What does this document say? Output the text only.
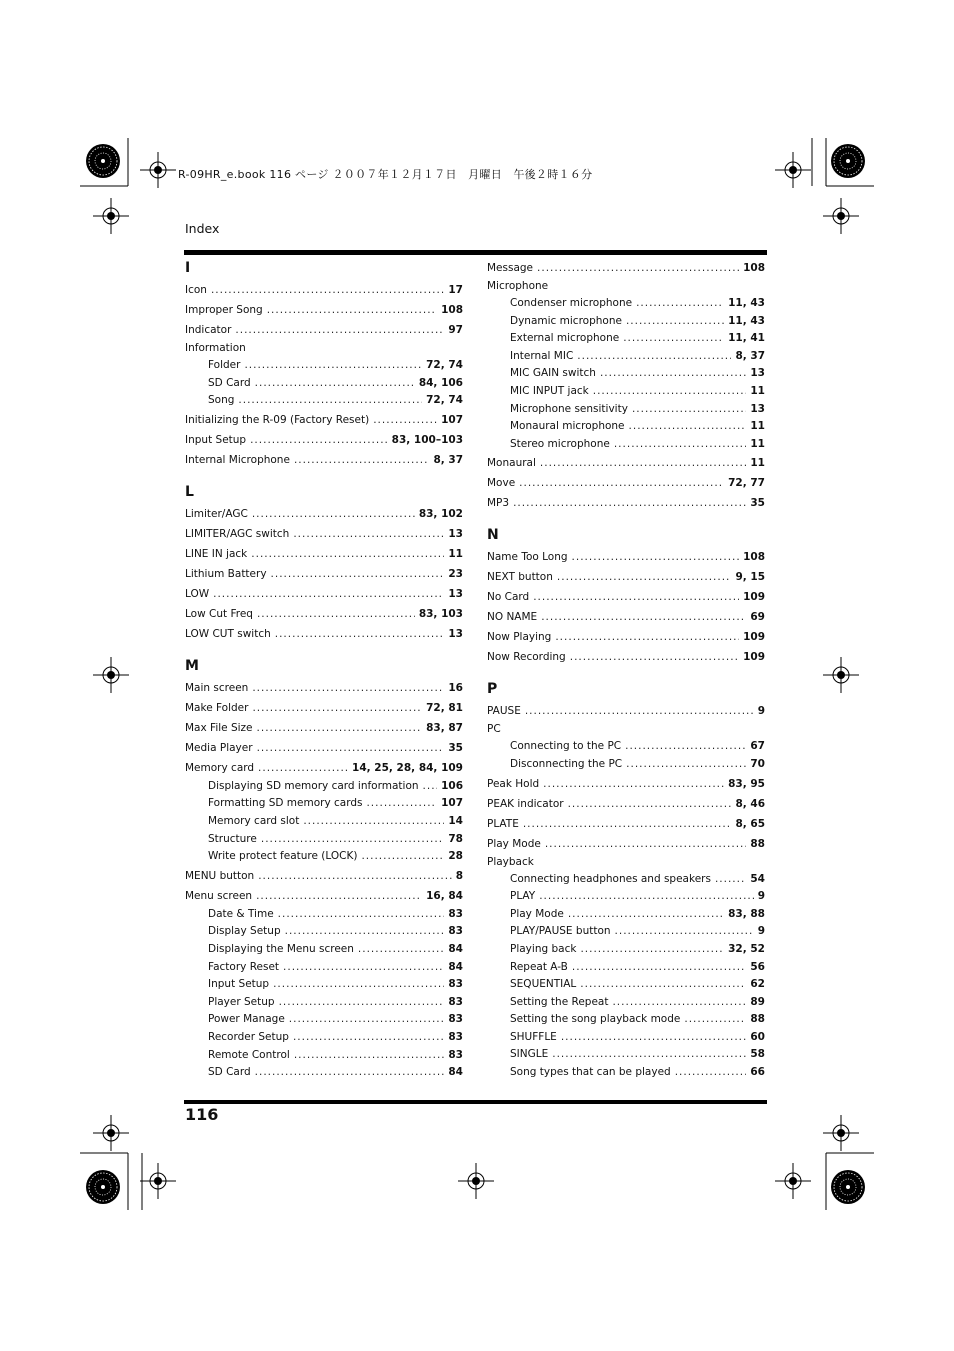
R-09HR_e.book 116 ページ ２００７年１２月１７日　月曜日　午後２時１６分
Index
I
Icon .....	17
Improper Song .....	108
Indicator .....	97
Information
Folder .....	72, 74
SD Card .....	84, 106
Song .....	72, 74
Initializing the R-09 (Factory Reset) .....	107
Input Setup .....	83, 100–103
Internal Microphone .....	8, 37
L
Limiter/AGC .....	83, 102
LIMITER/AGC switch .....	13
LINE IN jack .....	11
Lithium Battery .....	23
LOW .....	13
Low Cut Freq .....	83, 103
LOW CUT switch .....	13
M
Main screen .....	16
Make Folder .....	72, 81
Max File Size .....	83, 87
Media Player .....	35
Memory card .....	14, 25, 28, 84, 109
Displaying SD memory card information ..... 106
Formatting SD memory cards .....	107
Memory card slot .....	14
Structure .....	78
Write protect feature (LOCK) .....	28
MENU button .....	8
Menu screen .....	16, 84
Date & Time .....	83
Display Setup .....	83
Displaying the Menu screen .....	84
Factory Reset .....	84
Input Setup .....	83
Player Setup .....	83
Power Manage .....	83
Recorder Setup .....	83
Remote Control .....	83
SD Card .....	84
Message .....	108
Microphone
Condenser microphone .....	11, 43
Dynamic microphone .....	11, 43
External microphone .....	11, 41
Internal MIC .....	8, 37
MIC GAIN switch .....	13
MIC INPUT jack .....	11
Microphone sensitivity .....	13
Monaural microphone .....	11
Stereo microphone .....	11
Monaural .....	11
Move .....	72, 77
MP3 .....	35
N
Name Too Long .....	108
NEXT button .....	9, 15
No Card .....	109
NO NAME .....	69
Now Playing .....	109
Now Recording .....	109
P
PAUSE .....	9
PC
Connecting to the PC .....	67
Disconnecting the PC .....	70
Peak Hold .....	83, 95
PEAK indicator .....	8, 46
PLATE .....	8, 65
Play Mode .....	88
Playback
Connecting headphones and speakers .....	54
PLAY .....	9
Play Mode .....	83, 88
PLAY/PAUSE button .....	9
Playing back .....	32, 52
Repeat A-B .....	56
SEQUENTIAL .....	62
Setting the Repeat .....	89
Setting the song playback mode .....	88
SHUFFLE .....	60
SINGLE .....	58
Song types that can be played .....	66
116
